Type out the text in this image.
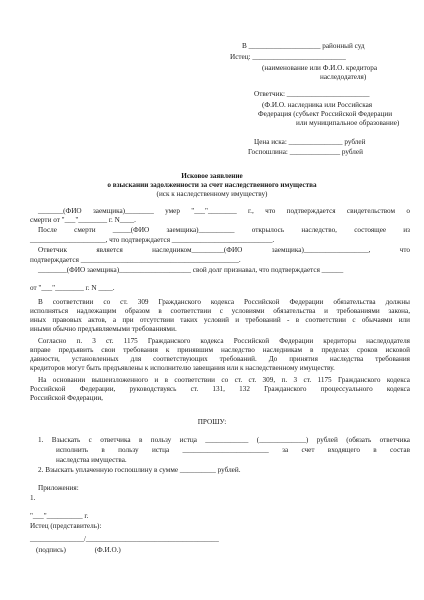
В ____________________ районный суд
Истец: __________________________
(наименование или Ф.И.О. кредитора
наследодателя)
Ответчик: _______________________
(Ф.И.О. наследника или Российская
Федерация (субъект Российской Федерации
или муниципальное образование)
Цена иска: _______________ рублей
Госпошлина: ______________ рублей
Исковое заявление
о взыскании задолженности за счет наследственного имущества
(иск к наследственному имуществу)
_______(ФИО заемщика)________ умер "___"________ г., что подтверждается свидетельством о
смерти от "___"________ г. N____.
После смерти _____(ФИО заемщика)__________ открылось наследство, состоящее из
_____________________, что подтверждается ____________________________.
Ответчик является наследником_________(ФИО заемщика)__________________, что
подтверждается ____________________________________________.
________(ФИО заемщика)____________________ свой долг признавал, что подтверждается ______
от "___"________ г. N ____.
В соответствии со ст. 309 Гражданского кодекса Российской Федерации обязательства должны
исполняться надлежащим образом в соответствии с условиями обязательства и требованиями закона,
иных правовых актов, а при отсутствии таких условий и требований - в соответствии с обычаями или
иными обычно предъявляемыми требованиями.
Согласно п. 3 ст. 1175 Гражданского кодекса Российской Федерации кредиторы наследодателя
вправе предъявить свои требования к принявшим наследство наследникам в пределах сроков исковой
давности, установленных для соответствующих требований. До принятия наследства требования
кредиторов могут быть предъявлены к исполнителю завещания или к наследственному имуществу.
На основании вышеизложенного и в соответствии со ст. ст. 309, п. 3 ст. 1175 Гражданского кодекса
Российской Федерации, руководствуясь ст. 131, 132 Гражданского процессуального кодекса
Российской Федерации,
ПРОШУ:
1. Взыскать с ответчика в пользу истца ____________ (_____________) рублей (обязать ответчика
исполнить в пользу истца ________________________ за счет входящего в состав
наследства имущества.
2. Взыскать уплаченную госпошлину в сумме __________ рублей.
Приложения:
1.
"___"__________ г.
Истец (представитель):
_______________/_____________________________________
(подпись)                (Ф.И.О.)
